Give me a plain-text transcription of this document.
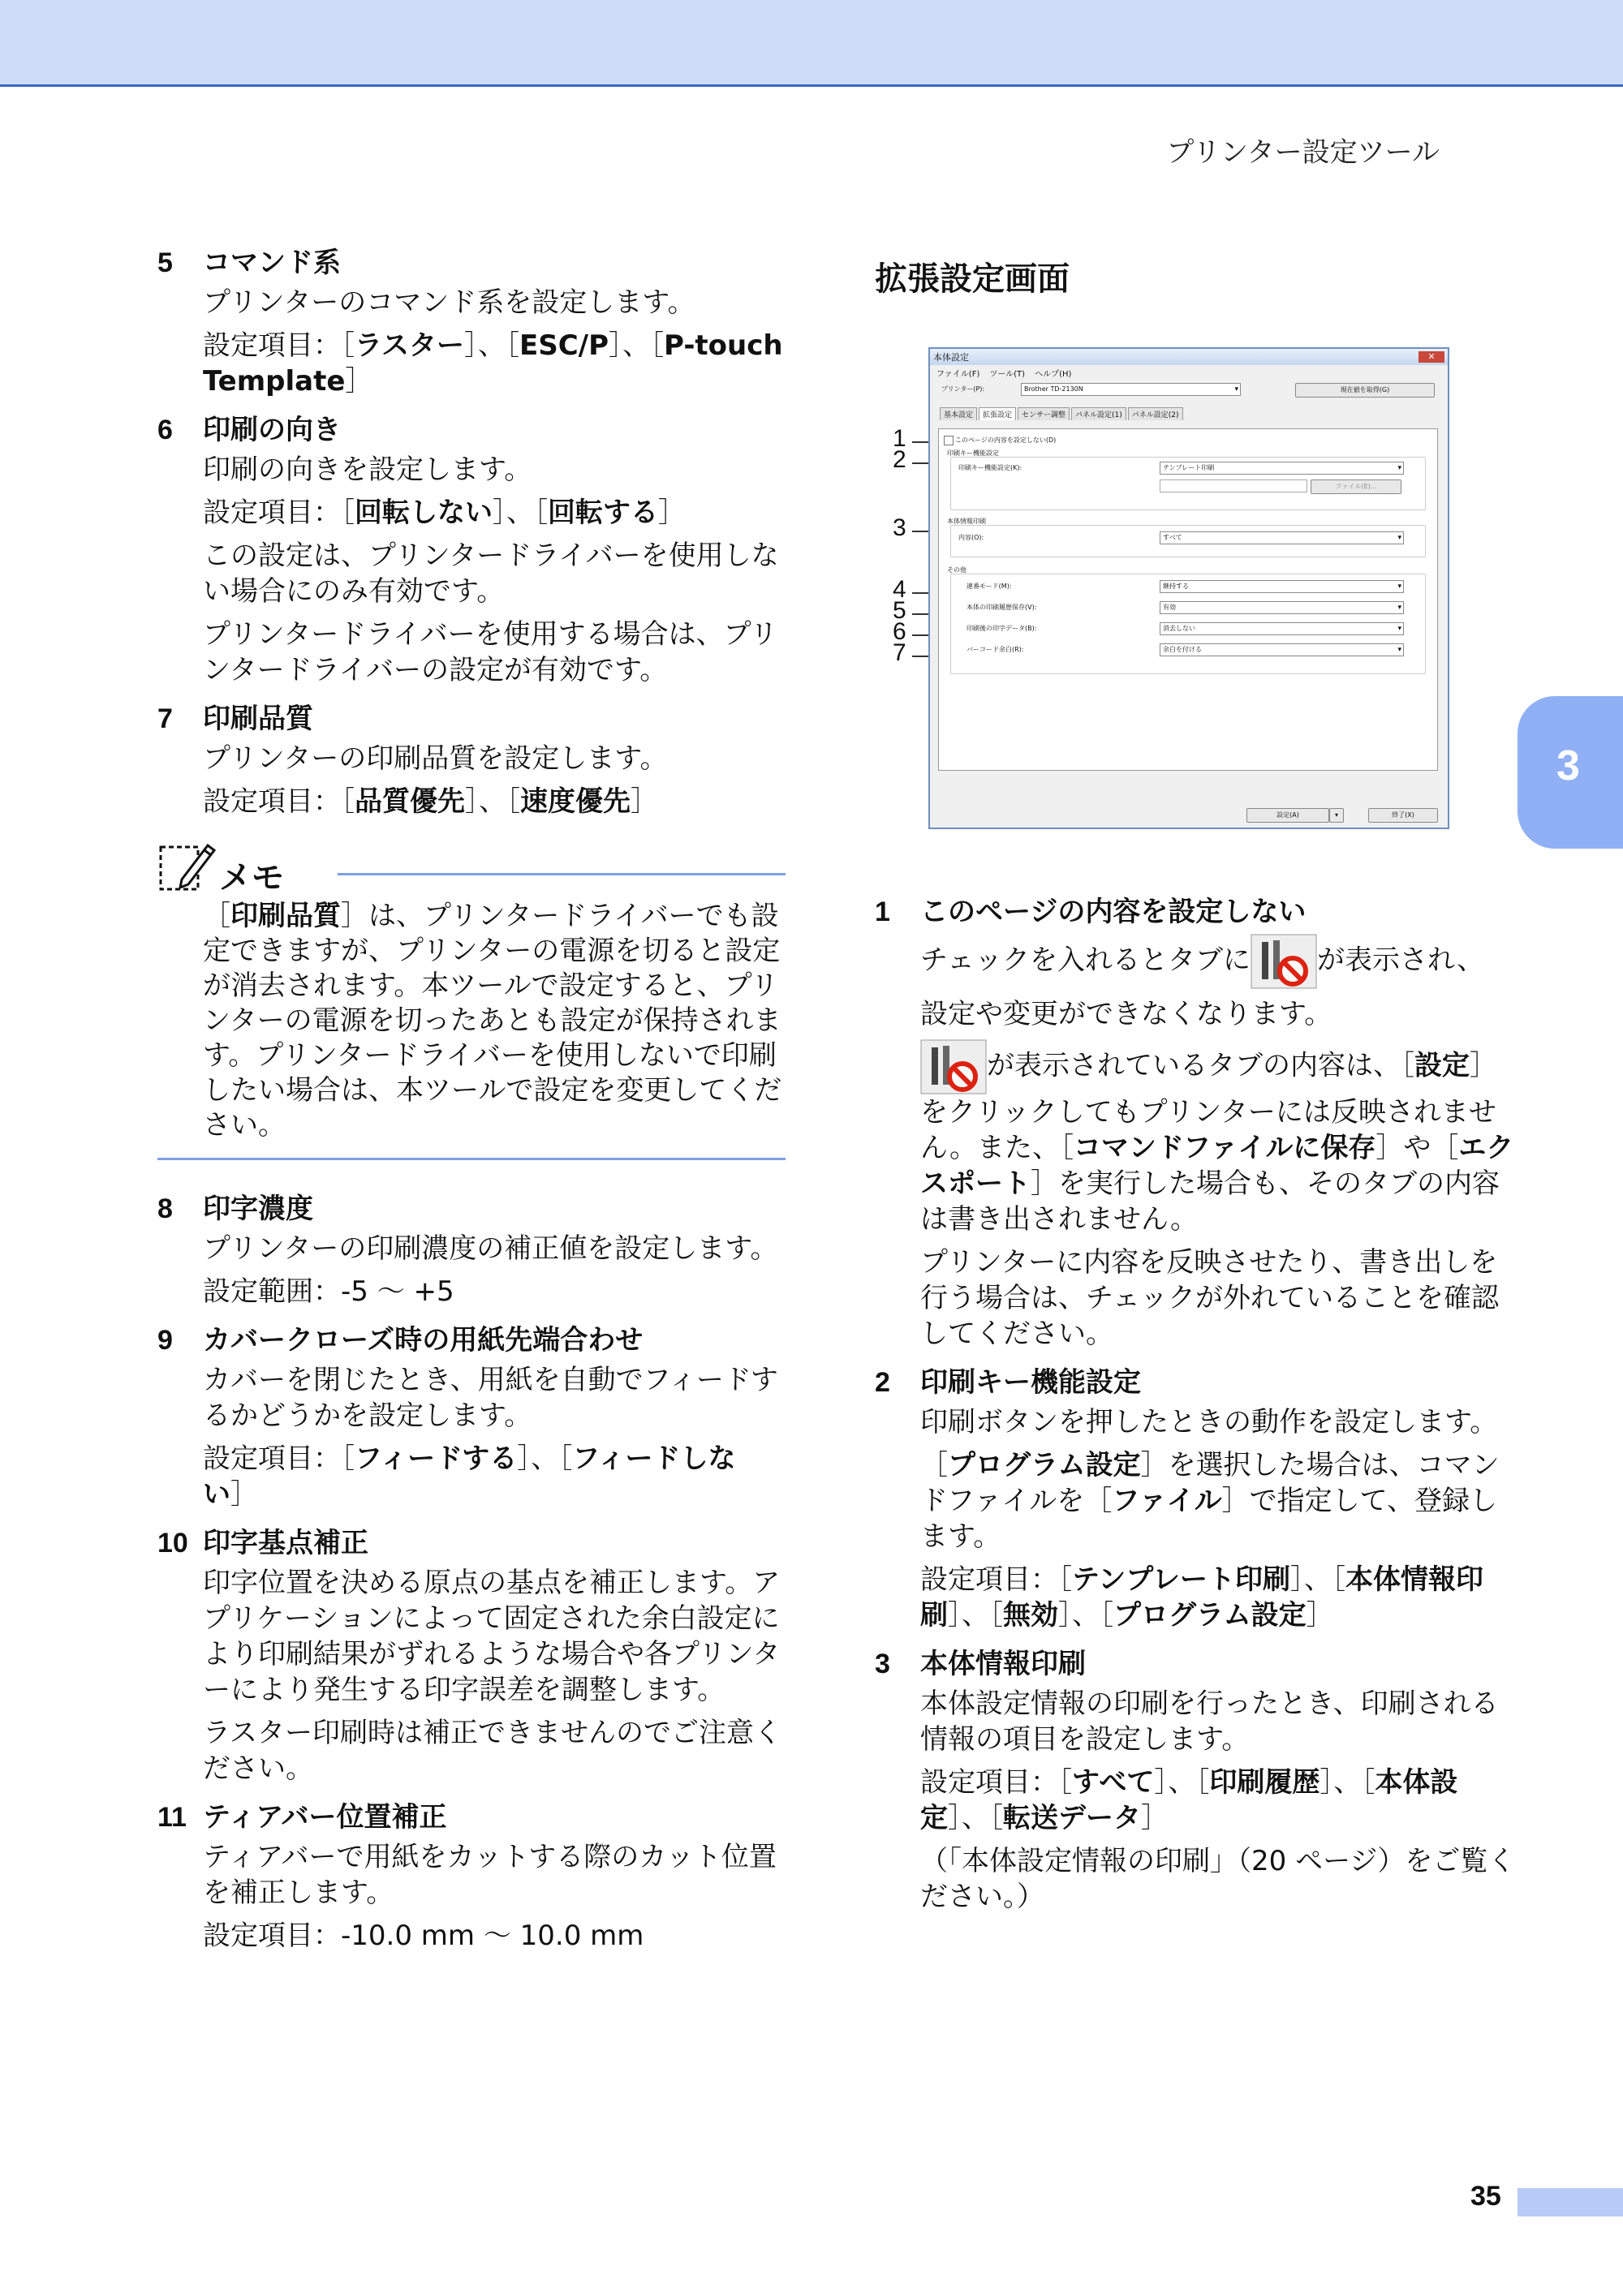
プリンター設定ツール
3
5	コマンド系
プリンターのコマンド系を設定します。
設定項目：［ラスター］、［ESC/P］、［P-touch Template］
6	印刷の向き
印刷の向きを設定します。
設定項目：［回転しない］、［回転する］
この設定は、プリンタードライバーを使用しない場合にのみ有効です。
プリンタードライバーを使用する場合は、プリンタードライバーの設定が有効です。
7	印刷品質
プリンターの印刷品質を設定します。
設定項目：［品質優先］、［速度優先］
メモ
［印刷品質］は、プリンタードライバーでも設定できますが、プリンターの電源を切ると設定が消去されます。本ツールで設定すると、プリンターの電源を切ったあとも設定が保持されます。プリンタードライバーを使用しないで印刷したい場合は、本ツールで設定を変更してください。
8	印字濃度
プリンターの印刷濃度の補正値を設定します。
設定範囲：-5 ～ +5
9	カバークローズ時の用紙先端合わせ
カバーを閉じたとき、用紙を自動でフィードするかどうかを設定します。
設定項目：［フィードする］、［フィードしない］
10 印字基点補正
印字位置を決める原点の基点を補正します。アプリケーションによって固定された余白設定により印刷結果がずれるような場合や各プリンターにより発生する印字誤差を調整します。
ラスター印刷時は補正できませんのでご注意ください。
11 ティアバー位置補正
ティアバーで用紙をカットする際のカット位置を補正します。
設定項目：-10.0 mm ～ 10.0 mm
拡張設定画面
1
2
3
4
5
6
7
本体設定	✕
ファイル(F) ツール(T) ヘルプ(H)
プリンター(P):	Brother TD-2130N ▾	現在値を取得(G)
基本設定	拡張設定	センサー調整	パネル設定(1)	パネル設定(2)
このページの内容を設定しない(D)
印刷キー機能設定
印刷キー機能設定(K):	テンプレート印刷 ▾
ファイル(E)...
本体情報印刷
内容(O):	すべて ▾
その他
連番モード(M):	継持する ▾
本体の印刷履歴保存(V):	有効 ▾
印刷後の印字データ(B):	消去しない ▾
バーコード余白(R):	余白を付ける ▾
設定(A)	▾	終了(X)
1	このページの内容を設定しない
チェックを入れるとタブに が表示され、
設定や変更ができなくなります。
が表示されているタブの内容は、［設定］をクリックしてもプリンターには反映されません。また、［コマンドファイルに保存］や［エクスポート］を実行した場合も、そのタブの内容は書き出されません。
プリンターに内容を反映させたり、書き出しを行う場合は、チェックが外れていることを確認してください。
2	印刷キー機能設定
印刷ボタンを押したときの動作を設定します。
［プログラム設定］を選択した場合は、コマンドファイルを［ファイル］で指定して、登録します。
設定項目：［テンプレート印刷］、［本体情報印刷］、［無効］、［プログラム設定］
3	本体情報印刷
本体設定情報の印刷を行ったとき、印刷される情報の項目を設定します。
設定項目：［すべて］、［印刷履歴］、［本体設定］、［転送データ］
（「本体設定情報の印刷」（20 ページ）をご覧ください。）
35
